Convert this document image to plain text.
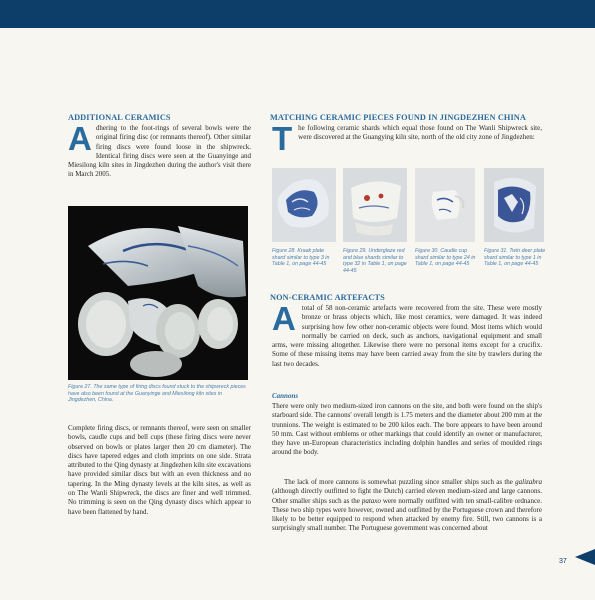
ADDITIONAL CERAMICS

Adhering to the foot-rings of several bowls were the original firing disc (or remnants thereof). Other similar firing discs were found loose in the shipwreck. Identical firing discs were seen at the Guanyinge and Miesilong kiln sites in Jingdezhen during the author's visit there in March 2005.

Figure 27. The same type of firing discs found stuck to the shipwreck pieces have also been found at the Guanyinge and Miesilong kiln sites in Jingdezhen, China.

Complete firing discs, or remnants thereof, were seen on smaller bowls, caudle cups and bell cups (these firing discs were never observed on bowls or plates larger then 20 cm diameter). The discs have tapered edges and cloth imprints on one side. Strata attributed to the Qing dynasty at Jingdezhen kiln site excavations have provided similar discs but with an even thickness and no tapering. In the Ming dynasty levels at the kiln sites, as well as on The Wanli Shipwreck, the discs are finer and well trimmed. No trimming is seen on the Qing dynasty discs which appear to have been flattened by hand.

MATCHING CERAMIC PIECES FOUND IN JINGDEZHEN CHINA

The following ceramic shards which equal those found on The Wanli Shipwreck site, were discovered at the Guangying kiln site, north of the old city zone of Jingdezhen:

Figure 28. Kraak plate shard similar to type 3 in Table 1, on page 44-45
Figure 29. Underglaze red and blue shards similar to type 32 in Table 1, on page 44-45
Figure 30. Caudle cup shard similar to type 24 in Table 1, on page 44-45
Figure 31. Twin deer plate shard similar to type 1 in Table 1, on page 44-45
NON-CERAMIC ARTEFACTS

Atotal of 58 non-ceramic artefacts were recovered from the site. These were mostly bronze or brass objects which, like most ceramics, were damaged. It was indeed surprising how few other non-ceramic objects were found. Most items which would normally be carried on deck, such as anchors, navigational equipment and small arms, were missing altogether. Likewise there were no personal items except for a crucifix. Some of these missing items may have been carried away from the site by trawlers during the last two decades.

Cannons

There were only two medium-sized iron cannons on the site, and both were found on the ship's starboard side. The cannons' overall length is 1.75 meters and the diameter about 200 mm at the trunnions. The weight is estimated to be 200 kilos each. The bore appears to have been around 50 mm. Cast without emblems or other markings that could identify an owner or manufacturer, they have un-European characteristics including dolphin handles and series of moulded rings around the body.

The lack of more cannons is somewhat puzzling since smaller ships such as the galizabra (although directly outfitted to fight the Dutch) carried eleven medium-sized and large cannons. Other smaller ships such as the pataxo were normally outfitted with ten small-calibre ordnance. These two ship types were however, owned and outfitted by the Portuguese crown and therefore likely to be better equipped to respond when attacked by enemy fire. Still, two cannons is a surprisingly small number. The Portuguese government was concerned about

37
